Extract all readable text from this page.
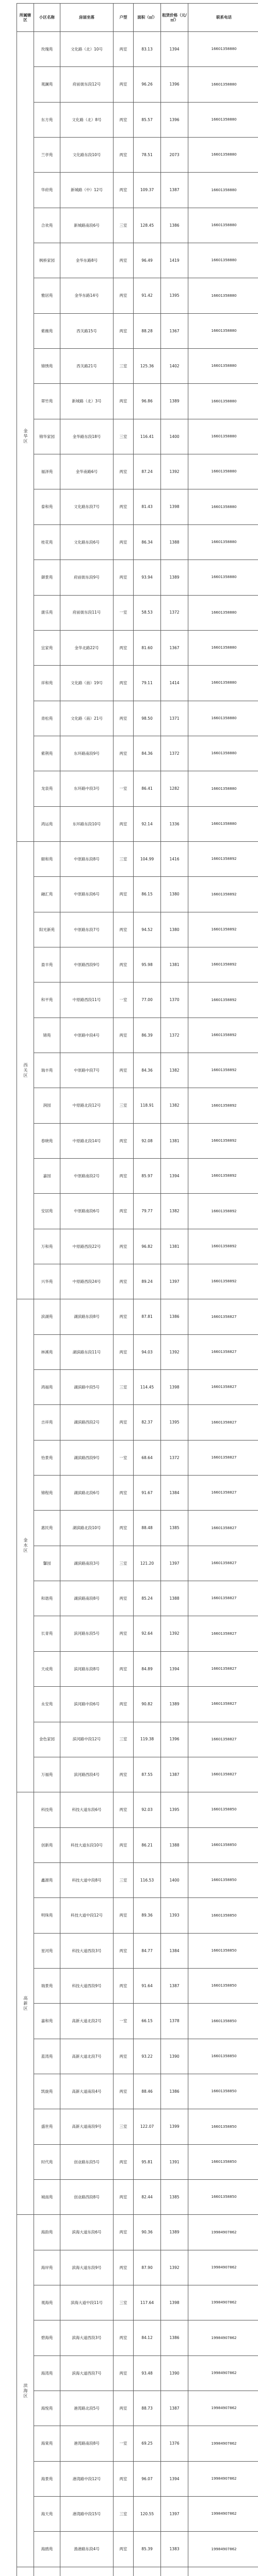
所属辖区	小区名称	房屋坐落	户型	面积（㎡）	租赁价格（元/㎡）	联系电话
金华区	玫瑰苑	文化路（北）10号	两室	83.13	1394	16601358880
	观澜苑	府前街东段12号	两室	96.26	1396	16601358880
	东方苑	文化路（北）8号	两室	85.57	1396	16601358880
	兰亭苑	文化路东段10号	两室	78.51	2073	16601358880
	华府苑	新城路（中）12号	两室	109.37	1387	16601358880
	合欢苑	新城路南段6号	三室	128.45	1386	16601358880
	枫桥家园	金华东路8号	两室	96.49	1419	16601358880
	雅居苑	金华东路14号	两室	91.42	1395	16601358880
	紫薇苑	西关路15号	两室	88.28	1367	16601358880
	锦绣苑	西关路21号	三室	125.36	1402	16601358880
	翠竹苑	新城路（北）3号	两室	96.86	1389	16601358880
	锦华家园	金华路东段18号	三室	116.41	1400	16601358880
	福泽苑	金华南路6号	两室	87.24	1392	16601358880
	泰和苑	文化路东段7号	两室	81.43	1398	16601358880
	桂花苑	文化路东段6号	两室	86.34	1388	16601358880
	御景苑	府前街东段9号	两室	93.94	1389	16601358880
	康乐苑	府前街东段11号	一室	58.53	1372	16601358880
	宜家苑	金华北路22号	两室	81.60	1367	16601358880
	祥和苑	文化路（南）19号	两室	79.11	1414	16601358880
	青松苑	文化路（南）21号	两室	98.50	1371	16601358880
	紫荆苑	东环路南段9号	两室	84.36	1372	16601358880
	龙泉苑	东环路中段3号	一室	86.41	1282	16601358880
	鸿运苑	东环路东段10号	两室	92.14	1336	16601358880
西关区	颐和苑	中原路东段8号	三室	104.99	1416	16601358892
	融汇苑	中原路东段6号	两室	86.15	1380	16601358892
	阳光新苑	中原路东段7号	两室	94.52	1380	16601358892
	盈丰苑	中原路西段9号	两室	95.98	1381	16601358892
	和平苑	中原路西段11号	一室	77.00	1370	16601358892
	锦苑	中原路中段4号	两室	86.39	1372	16601358892
	瑞丰苑	中原路中段7号	两室	84.36	1382	16601358892
	润园	中原路北段12号	三室	118.91	1382	16601358892
	春晓苑	中原路北段14号	两室	92.08	1381	16601358892
	嘉园	中原路南段2号	两室	85.97	1394	16601358892
	安居苑	中原路南段6号	两室	79.77	1382	16601358892
	万和苑	中原路西段22号	两室	96.82	1381	16601358892
	兴华苑	中原路西段24号	两室	89.24	1397	16601358892
金水区	滨湖苑	湖滨路东段8号	两室	87.81	1386	16601358827
	林溪苑	湖滨路东段11号	两室	94.03	1392	16601358827
	鸿福苑	湖滨路中段5号	三室	114.45	1398	16601358827
	吉祥苑	湖滨路西段2号	两室	82.37	1395	16601358827
	怡景苑	湖滨路西段9号	一室	68.64	1372	16601358827
	锦程苑	湖滨路北段6号	两室	91.67	1384	16601358827
	惠民苑	湖滨路北段10号	两室	88.48	1385	16601358827
	馨园	湖滨路南段3号	三室	121.20	1397	16601358827
	和谐苑	湖滨路南段8号	两室	85.24	1388	16601358827
	长青苑	滨河路东段5号	两室	92.64	1392	16601358827
	天成苑	滨河路东段8号	两室	84.89	1394	16601358827
	永安苑	滨河路中段6号	两室	90.82	1389	16601358827
	金色家园	滨河路中段12号	三室	119.38	1396	16601358827
	万福苑	滨河路西段4号	两室	87.55	1387	16601358827
高新区	科技苑	科技大道东段6号	两室	92.03	1395	16601358850
	创新苑	科技大道东段10号	两室	86.21	1388	16601358850
	鑫源苑	科技大道中段8号	三室	116.53	1400	16601358850
	明珠苑	科技大道中段12号	两室	89.36	1393	16601358850
	星河苑	科技大道西段3号	两室	84.77	1384	16601358850
	瑞景苑	科技大道西段9号	两室	91.64	1387	16601358850
	嘉和苑	高新大道北段2号	一室	66.15	1378	16601358850
	蓝湾苑	高新大道北段7号	两室	93.22	1390	16601358850
	凯旋苑	高新大道南段4号	两室	88.46	1386	16601358850
	盛世苑	高新大道南段9号	三室	122.07	1399	16601358850
	时代苑	创业路东段5号	两室	95.81	1391	16601358850
	城南苑	创业路西段8号	两室	82.44	1385	16601358850
滨海区	海韵苑	滨海大道东段6号	两室	90.36	1389	19984907862
	海岸苑	滨海大道东段9号	两室	87.90	1392	19984907862
	观海苑	滨海大道中段11号	三室	117.64	1398	19984907862
	碧海苑	滨海大道西段3号	两室	84.12	1386	19984907862
	海湾苑	滨海大道西段7号	两室	93.48	1390	19984907862
	海悦苑	港湾路北段5号	两室	88.73	1387	19984907862
	海棠苑	港湾路南段8号	一室	69.25	1376	19984907862
	海景苑	港湾路中段12号	两室	96.07	1394	19984907862
	海天苑	港湾路中段15号	三室	120.55	1397	19984907862
	海鸥苑	渔港路东段4号	两室	85.39	1383	19984907862
